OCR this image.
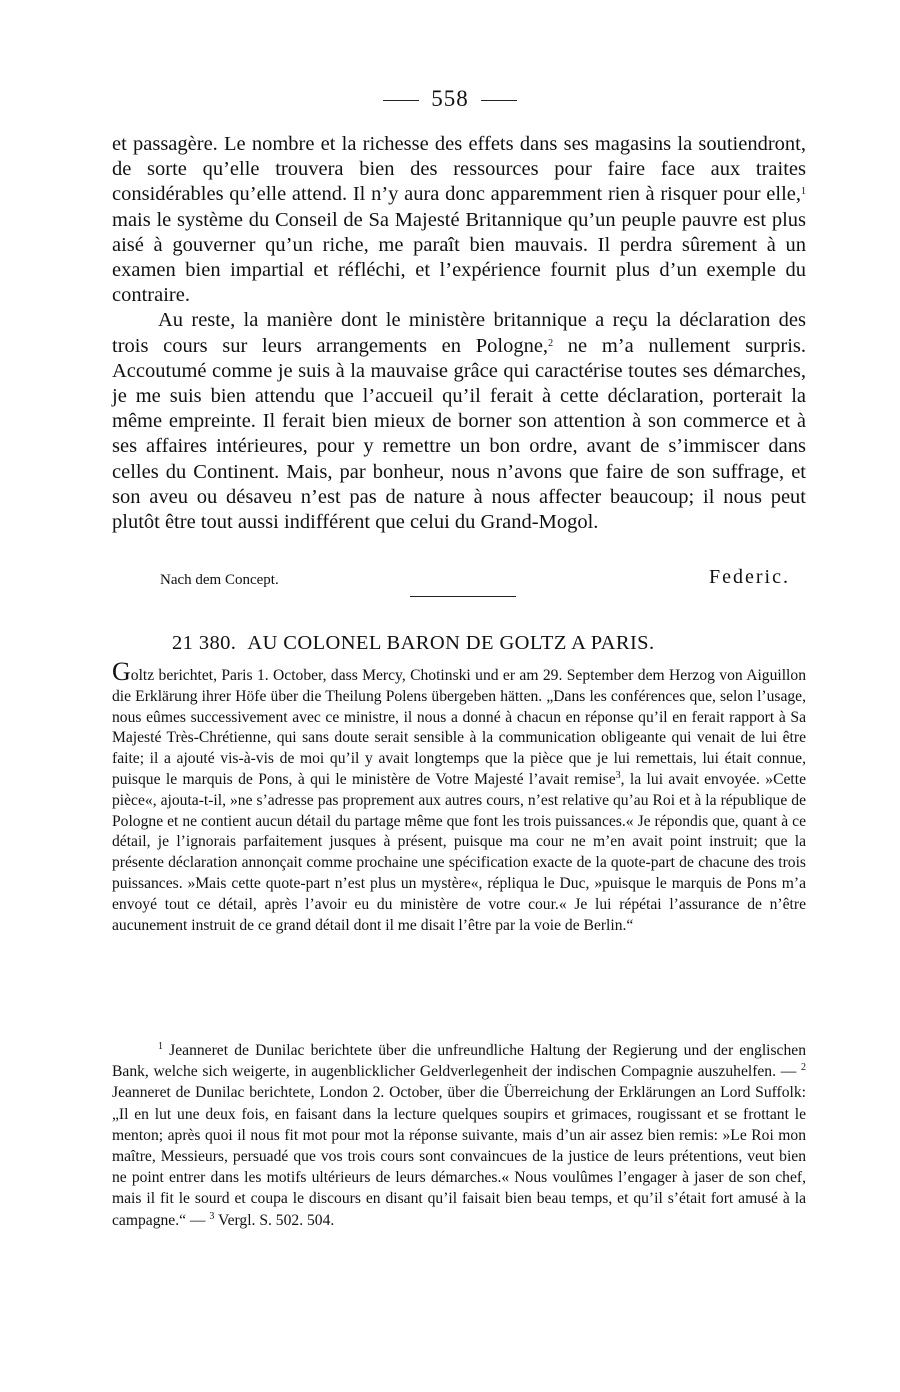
558

et passagère. Le nombre et la richesse des effets dans ses magasins la soutiendront, de sorte qu’elle trouvera bien des ressources pour faire face aux traites considérables qu’elle attend. Il n’y aura donc apparemment rien à risquer pour elle,$^1$ mais le système du Conseil de Sa Majesté Britannique qu’un peuple pauvre est plus aisé à gouverner qu’un riche, me paraît bien mauvais. Il perdra sûrement à un examen bien impartial et réfléchi, et l’expérience fournit plus d’un exemple du contraire.

Au reste, la manière dont le ministère britannique a reçu la déclaration des trois cours sur leurs arrangements en Pologne,$^2$ ne m’a nullement surpris. Accoutumé comme je suis à la mauvaise grâce qui caractérise toutes ses démarches, je me suis bien attendu que l’accueil qu’il ferait à cette déclaration, porterait la même empreinte. Il ferait bien mieux de borner son attention à son commerce et à ses affaires intérieures, pour y remettre un bon ordre, avant de s’immiscer dans celles du Continent. Mais, par bonheur, nous n’avons que faire de son suffrage, et son aveu ou désaveu n’est pas de nature à nous affecter beaucoup; il nous peut plutôt être tout aussi indifférent que celui du Grand-Mogol.

Nach dem Concept.	Federic.
21 380. AU COLONEL BARON DE GOLTZ A PARIS.

Goltz berichtet, Paris 1. October, dass Mercy, Chotinski und er am 29. September dem Herzog von Aiguillon die Erklärung ihrer Höfe über die Theilung Polens übergeben hätten. „Dans les conférences que, selon l’usage, nous eûmes successivement avec ce ministre, il nous a donné à chacun en réponse qu’il en ferait rapport à Sa Majesté Très-Chrétienne, qui sans doute serait sensible à la communication obligeante qui venait de lui être faite; il a ajouté vis-à-vis de moi qu’il y avait longtemps que la pièce que je lui remettais, lui était connue, puisque le marquis de Pons, à qui le ministère de Votre Majesté l’avait remise$^3$, la lui avait envoyée. »Cette pièce«, ajouta-t-il, »ne s’adresse pas proprement aux autres cours, n’est relative qu’au Roi et à la république de Pologne et ne contient aucun détail du partage même que font les trois puissances.« Je répondis que, quant à ce détail, je l’ignorais parfaitement jusques à présent, puisque ma cour ne m’en avait point instruit; que la présente déclaration annonçait comme prochaine une spécification exacte de la quote-part de chacune des trois puissances. »Mais cette quote-part n’est plus un mystère«, répliqua le Duc, »puisque le marquis de Pons m’a envoyé tout ce détail, après l’avoir eu du ministère de votre cour.« Je lui répétai l’assurance de n’être aucunement instruit de ce grand détail dont il me disait l’être par la voie de Berlin.“

$^1$ Jeanneret de Dunilac berichtete über die unfreundliche Haltung der Regierung und der englischen Bank, welche sich weigerte, in augenblicklicher Geldverlegenheit der indischen Compagnie auszuhelfen. — $^2$ Jeanneret de Dunilac berichtete, London 2. October, über die Überreichung der Erklärungen an Lord Suffolk: „Il en lut une deux fois, en faisant dans la lecture quelques soupirs et grimaces, rougissant et se frottant le menton; après quoi il nous fit mot pour mot la réponse suivante, mais d’un air assez bien remis: »Le Roi mon maître, Messieurs, persuadé que vos trois cours sont convaincues de la justice de leurs prétentions, veut bien ne point entrer dans les motifs ultérieurs de leurs démarches.« Nous voulûmes l’engager à jaser de son chef, mais il fit le sourd et coupa le discours en disant qu’il faisait bien beau temps, et qu’il s’était fort amusé à la campagne.“ — $^3$ Vergl. S. 502. 504.
